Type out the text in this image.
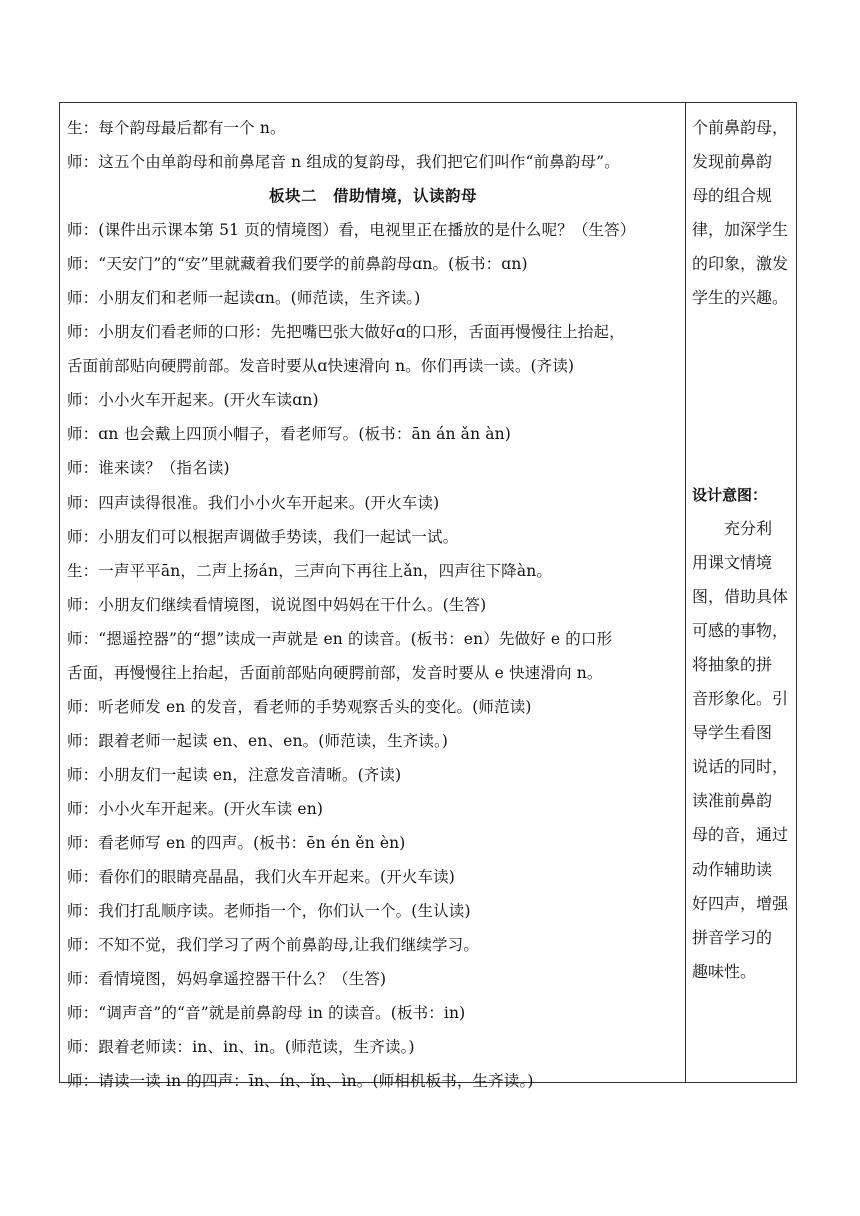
生：每个韵母最后都有一个 n。
师：这五个由单韵母和前鼻尾音 n 组成的复韵母，我们把它们叫作“前鼻韵母”。
板块二　借助情境，认读韵母
师：(课件出示课本第 51 页的情境图）看，电视里正在播放的是什么呢？（生答）
师：“天安门”的“安”里就藏着我们要学的前鼻韵母ɑn。(板书：ɑn)
师：小朋友们和老师一起读ɑn。(师范读，生齐读。)
师：小朋友们看老师的口形：先把嘴巴张大做好ɑ的口形，舌面再慢慢往上抬起，
舌面前部贴向硬腭前部。发音时要从ɑ快速滑向 n。你们再读一读。(齐读)
师：小小火车开起来。(开火车读ɑn)
师：ɑn 也会戴上四顶小帽子，看老师写。(板书：ān án ǎn àn)
师：谁来读？（指名读)
师：四声读得很准。我们小小火车开起来。(开火车读)
师：小朋友们可以根据声调做手势读，我们一起试一试。
生：一声平平ān，二声上扬án，三声向下再往上ǎn，四声往下降àn。
师：小朋友们继续看情境图，说说图中妈妈在干什么。(生答)
师：“摁遥控器”的“摁”读成一声就是 en 的读音。(板书：en）先做好 e 的口形
舌面，再慢慢往上抬起，舌面前部贴向硬腭前部，发音时要从 e 快速滑向 n。
师：听老师发 en 的发音，看老师的手势观察舌头的变化。(师范读)
师：跟着老师一起读 en、en、en。(师范读，生齐读。)
师：小朋友们一起读 en，注意发音清晰。(齐读)
师：小小火车开起来。(开火车读 en)
师：看老师写 en 的四声。(板书：ēn én ěn èn)
师：看你们的眼睛亮晶晶，我们火车开起来。(开火车读)
师：我们打乱顺序读。老师指一个，你们认一个。(生认读)
师：不知不觉，我们学习了两个前鼻韵母,让我们继续学习。
师：看情境图，妈妈拿遥控器干什么？（生答)
师：“调声音”的“音”就是前鼻韵母 in 的读音。(板书：in)
师：跟着老师读：in、in、in。(师范读，生齐读。)
师：请读一读 in 的四声：īn、ín、ǐn、ìn。(师相机板书，生齐读。)
个前鼻韵母，
发现前鼻韵
母的组合规
律，加深学生
的印象，激发
学生的兴趣。
设计意图：
充分利
用课文情境
图，借助具体
可感的事物，
将抽象的拼
音形象化。引
导学生看图
说话的同时，
读准前鼻韵
母的音，通过
动作辅助读
好四声，增强
拼音学习的
趣味性。
